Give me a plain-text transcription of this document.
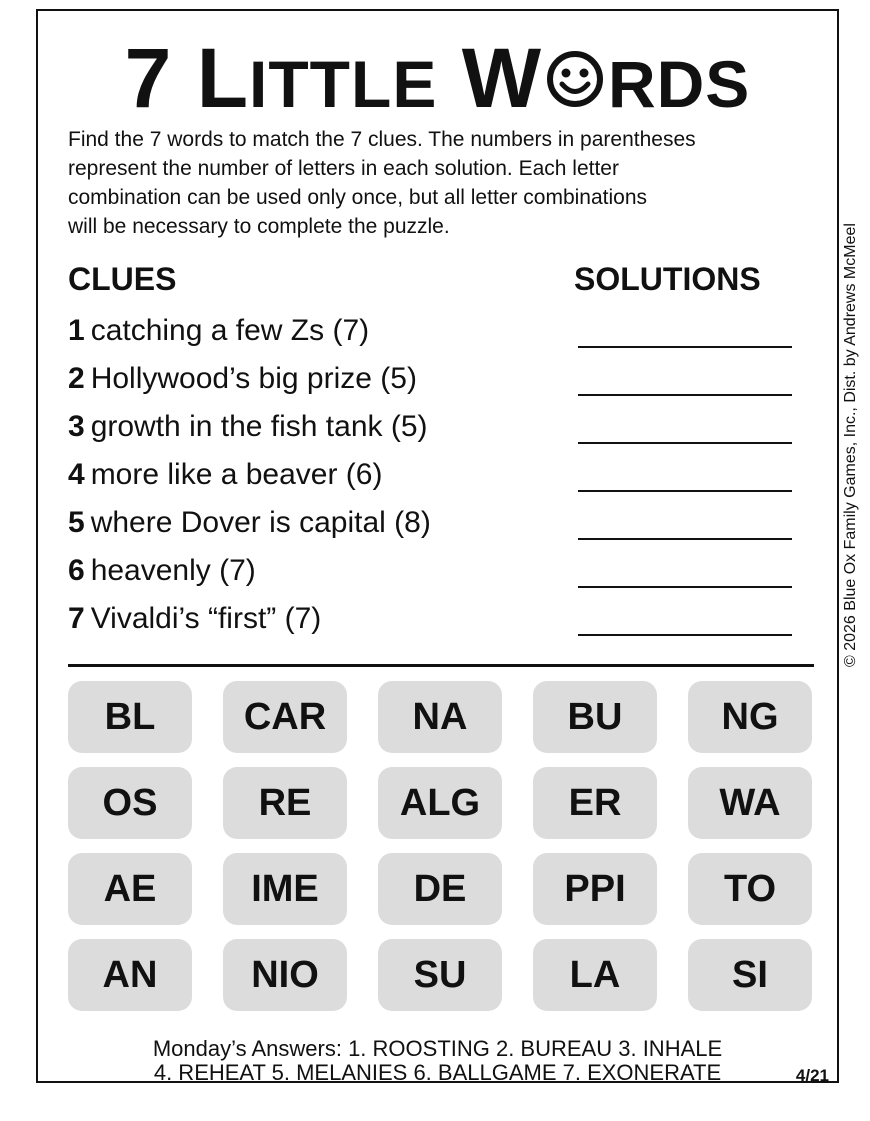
7 LITTLE W RDS
Find the 7 words to match the 7 clues. The numbers in parentheses
represent the number of letters in each solution. Each letter
combination can be used only once, but all letter combinations
will be necessary to complete the puzzle.	© 2026 Blue Ox Family Games, Inc., Dist. by Andrews McMeel
CLUES	SOLUTIONS
1 catching a few Zs (7)
2 Hollywood’s big prize (5)
3 growth in the fish tank (5)
4 more like a beaver (6)
5 where Dover is capital (8)
6 heavenly (7)
7 Vivaldi’s “first” (7)
BL	CAR	NA	BU	NG
OS	RE	ALG	ER	WA
AE	IME	DE	PPI	TO
AN	NIO	SU	LA	SI
Monday’s Answers: 1. ROOSTING 2. BUREAU 3. INHALE
4. REHEAT 5. MELANIES 6. BALLGAME 7. EXONERATE	4/21
